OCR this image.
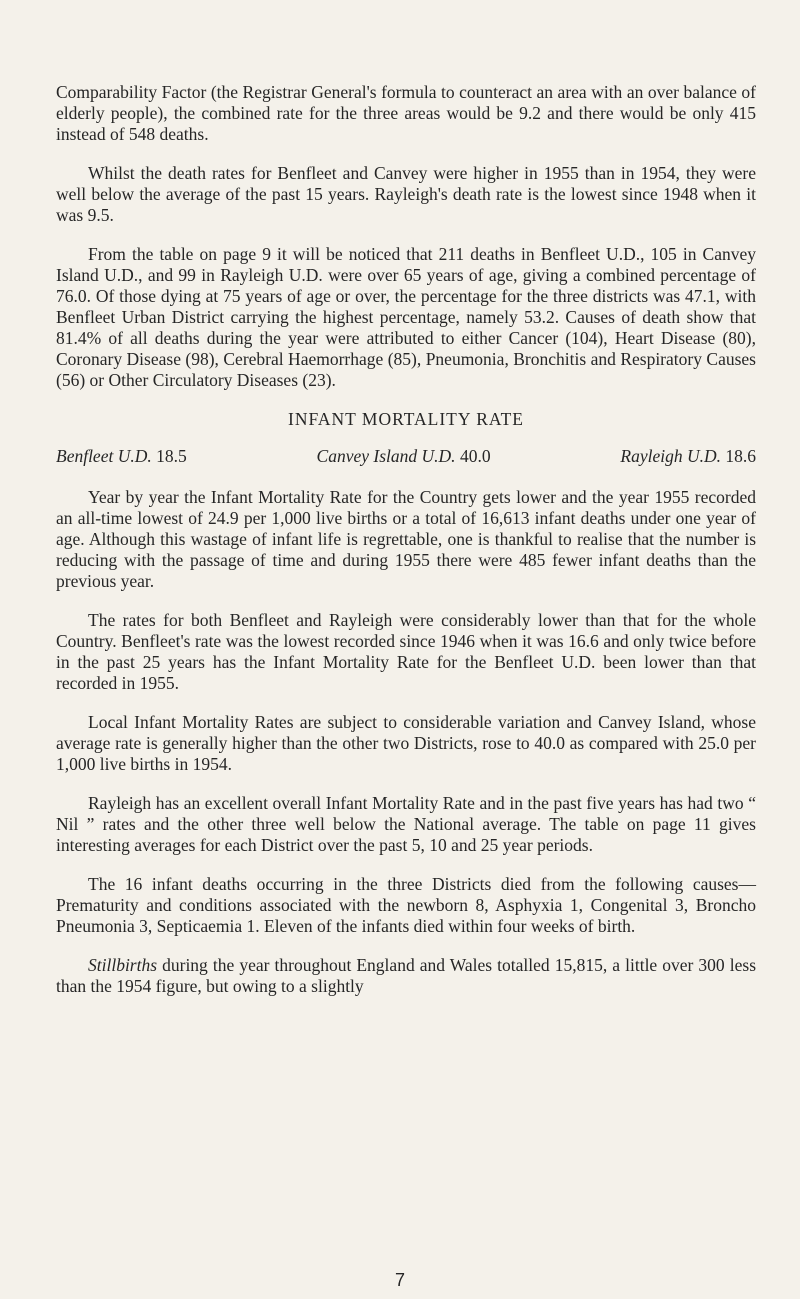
Comparability Factor (the Registrar General's formula to counteract an area with an over balance of elderly people), the combined rate for the three areas would be 9.2 and there would be only 415 instead of 548 deaths.

Whilst the death rates for Benfleet and Canvey were higher in 1955 than in 1954, they were well below the average of the past 15 years. Rayleigh's death rate is the lowest since 1948 when it was 9.5.

From the table on page 9 it will be noticed that 211 deaths in Benfleet U.D., 105 in Canvey Island U.D., and 99 in Rayleigh U.D. were over 65 years of age, giving a combined percentage of 76.0. Of those dying at 75 years of age or over, the percentage for the three districts was 47.1, with Benfleet Urban District carrying the highest percentage, namely 53.2. Causes of death show that 81.4% of all deaths during the year were attributed to either Cancer (104), Heart Disease (80), Coronary Disease (98), Cerebral Haemorrhage (85), Pneumonia, Bronchitis and Respiratory Causes (56) or Other Circulatory Diseases (23).

INFANT MORTALITY RATE
Benfleet U.D. 18.5	Canvey Island U.D. 40.0	Rayleigh U.D. 18.6

Year by year the Infant Mortality Rate for the Country gets lower and the year 1955 recorded an all-time lowest of 24.9 per 1,000 live births or a total of 16,613 infant deaths under one year of age. Although this wastage of infant life is regrettable, one is thankful to realise that the number is reducing with the passage of time and during 1955 there were 485 fewer infant deaths than the previous year.

The rates for both Benfleet and Rayleigh were considerably lower than that for the whole Country. Benfleet's rate was the lowest recorded since 1946 when it was 16.6 and only twice before in the past 25 years has the Infant Mortality Rate for the Benfleet U.D. been lower than that recorded in 1955.

Local Infant Mortality Rates are subject to considerable variation and Canvey Island, whose average rate is generally higher than the other two Districts, rose to 40.0 as compared with 25.0 per 1,000 live births in 1954.

Rayleigh has an excellent overall Infant Mortality Rate and in the past five years has had two “ Nil ” rates and the other three well below the National average. The table on page 11 gives interesting averages for each District over the past 5, 10 and 25 year periods.

The 16 infant deaths occurring in the three Districts died from the following causes—Prematurity and conditions associated with the newborn 8, Asphyxia 1, Congenital 3, Broncho Pneumonia 3, Septicaemia 1. Eleven of the infants died within four weeks of birth.

Stillbirths during the year throughout England and Wales totalled 15,815, a little over 300 less than the 1954 figure, but owing to a slightly

7
